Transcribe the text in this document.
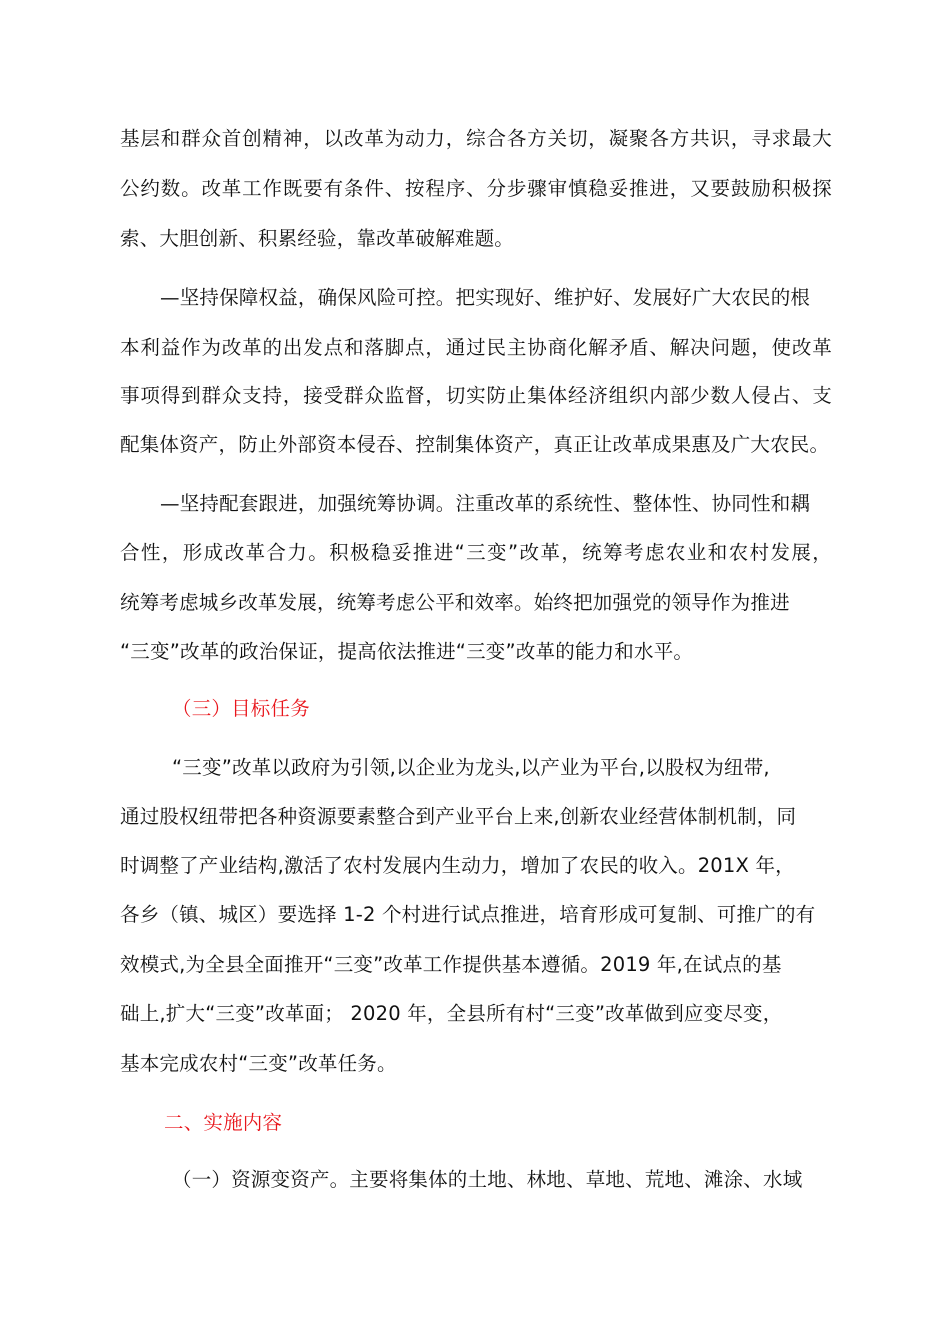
基层和群众首创精神，以改革为动力，综合各方关切，凝聚各方共识，寻求最大
公约数。改革工作既要有条件、按程序、分步骤审慎稳妥推进，又要鼓励积极探
索、大胆创新、积累经验，靠改革破解难题。
—坚持保障权益，确保风险可控。把实现好、维护好、发展好广大农民的根
本利益作为改革的出发点和落脚点，通过民主协商化解矛盾、解决问题，使改革
事项得到群众支持，接受群众监督，切实防止集体经济组织内部少数人侵占、支
配集体资产，防止外部资本侵吞、控制集体资产，真正让改革成果惠及广大农民。
—坚持配套跟进，加强统筹协调。注重改革的系统性、整体性、协同性和耦
合性，形成改革合力。积极稳妥推进“三变”改革，统筹考虑农业和农村发展，
统筹考虑城乡改革发展，统筹考虑公平和效率。始终把加强党的领导作为推进
“三变”改革的政治保证，提高依法推进“三变”改革的能力和水平。
（三）目标任务
“三变”改革以政府为引领,以企业为龙头,以产业为平台,以股权为纽带,
通过股权纽带把各种资源要素整合到产业平台上来,创新农业经营体制机制，同
时调整了产业结构,激活了农村发展内生动力，增加了农民的收入。201X 年，
各乡（镇、城区）要选择 1-2 个村进行试点推进，培育形成可复制、可推广的有
效模式,为全县全面推开“三变”改革工作提供基本遵循。2019 年,在试点的基
础上,扩大“三变”改革面； 2020 年，全县所有村“三变”改革做到应变尽变，
基本完成农村“三变”改革任务。
二、实施内容
（一）资源变资产。主要将集体的土地、林地、草地、荒地、滩涂、水域
